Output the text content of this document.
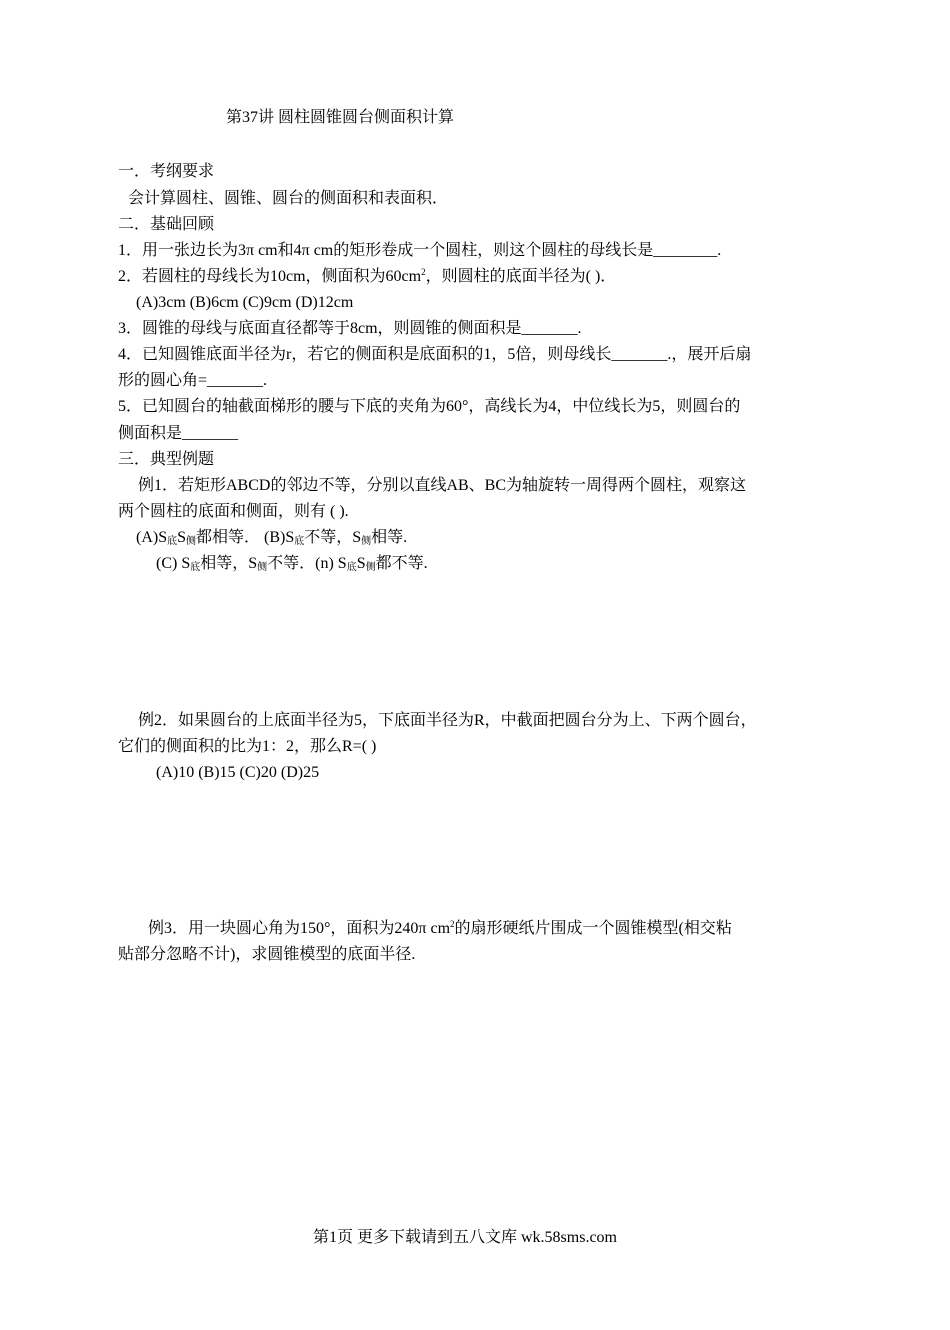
第37讲 圆柱圆锥圆台侧面积计算
一．考纲要求
会计算圆柱、圆锥、圆台的侧面积和表面积．
二．基础回顾
1．用一张边长为3π cm和4π cm的矩形卷成一个圆柱，则这个圆柱的母线长是________.
2．若圆柱的母线长为10cm，侧面积为$60cm^2$，则圆柱的底面半径为( )．
(A)3cm (B)6cm (C)9cm (D)12cm
3．圆锥的母线与底面直径都等于8cm，则圆锥的侧面积是_______.
4．已知圆锥底面半径为r，若它的侧面积是底面积的1，5倍，则母线长_______.，展开后扇
形的圆心角=_______.
5．已知圆台的轴截面梯形的腰与下底的夹角为60°，高线长为4，中位线长为5，则圆台的
侧面积是_______
三．典型例题
例1．若矩形ABCD的邻边不等，分别以直线AB、BC为轴旋转一周得两个圆柱，观察这
两个圆柱的底面和侧面，则有 ( ).
(A)S底S侧都相等． (B)S底不等，S侧相等.
(C) S底相等，S侧不等．(n) S底S侧都不等.
例2．如果圆台的上底面半径为5，下底面半径为R，中截面把圆台分为上、下两个圆台，
它们的侧面积的比为1：2，那么R=( )
(A)10 (B)15 (C)20 (D)25
例3．用一块圆心角为150°，面积为240π $cm^2$的扇形硬纸片围成一个圆锥模型(相交粘
贴部分忽略不计)，求圆锥模型的底面半径.
第1页 更多下载请到五八文库 wk.58sms.com
